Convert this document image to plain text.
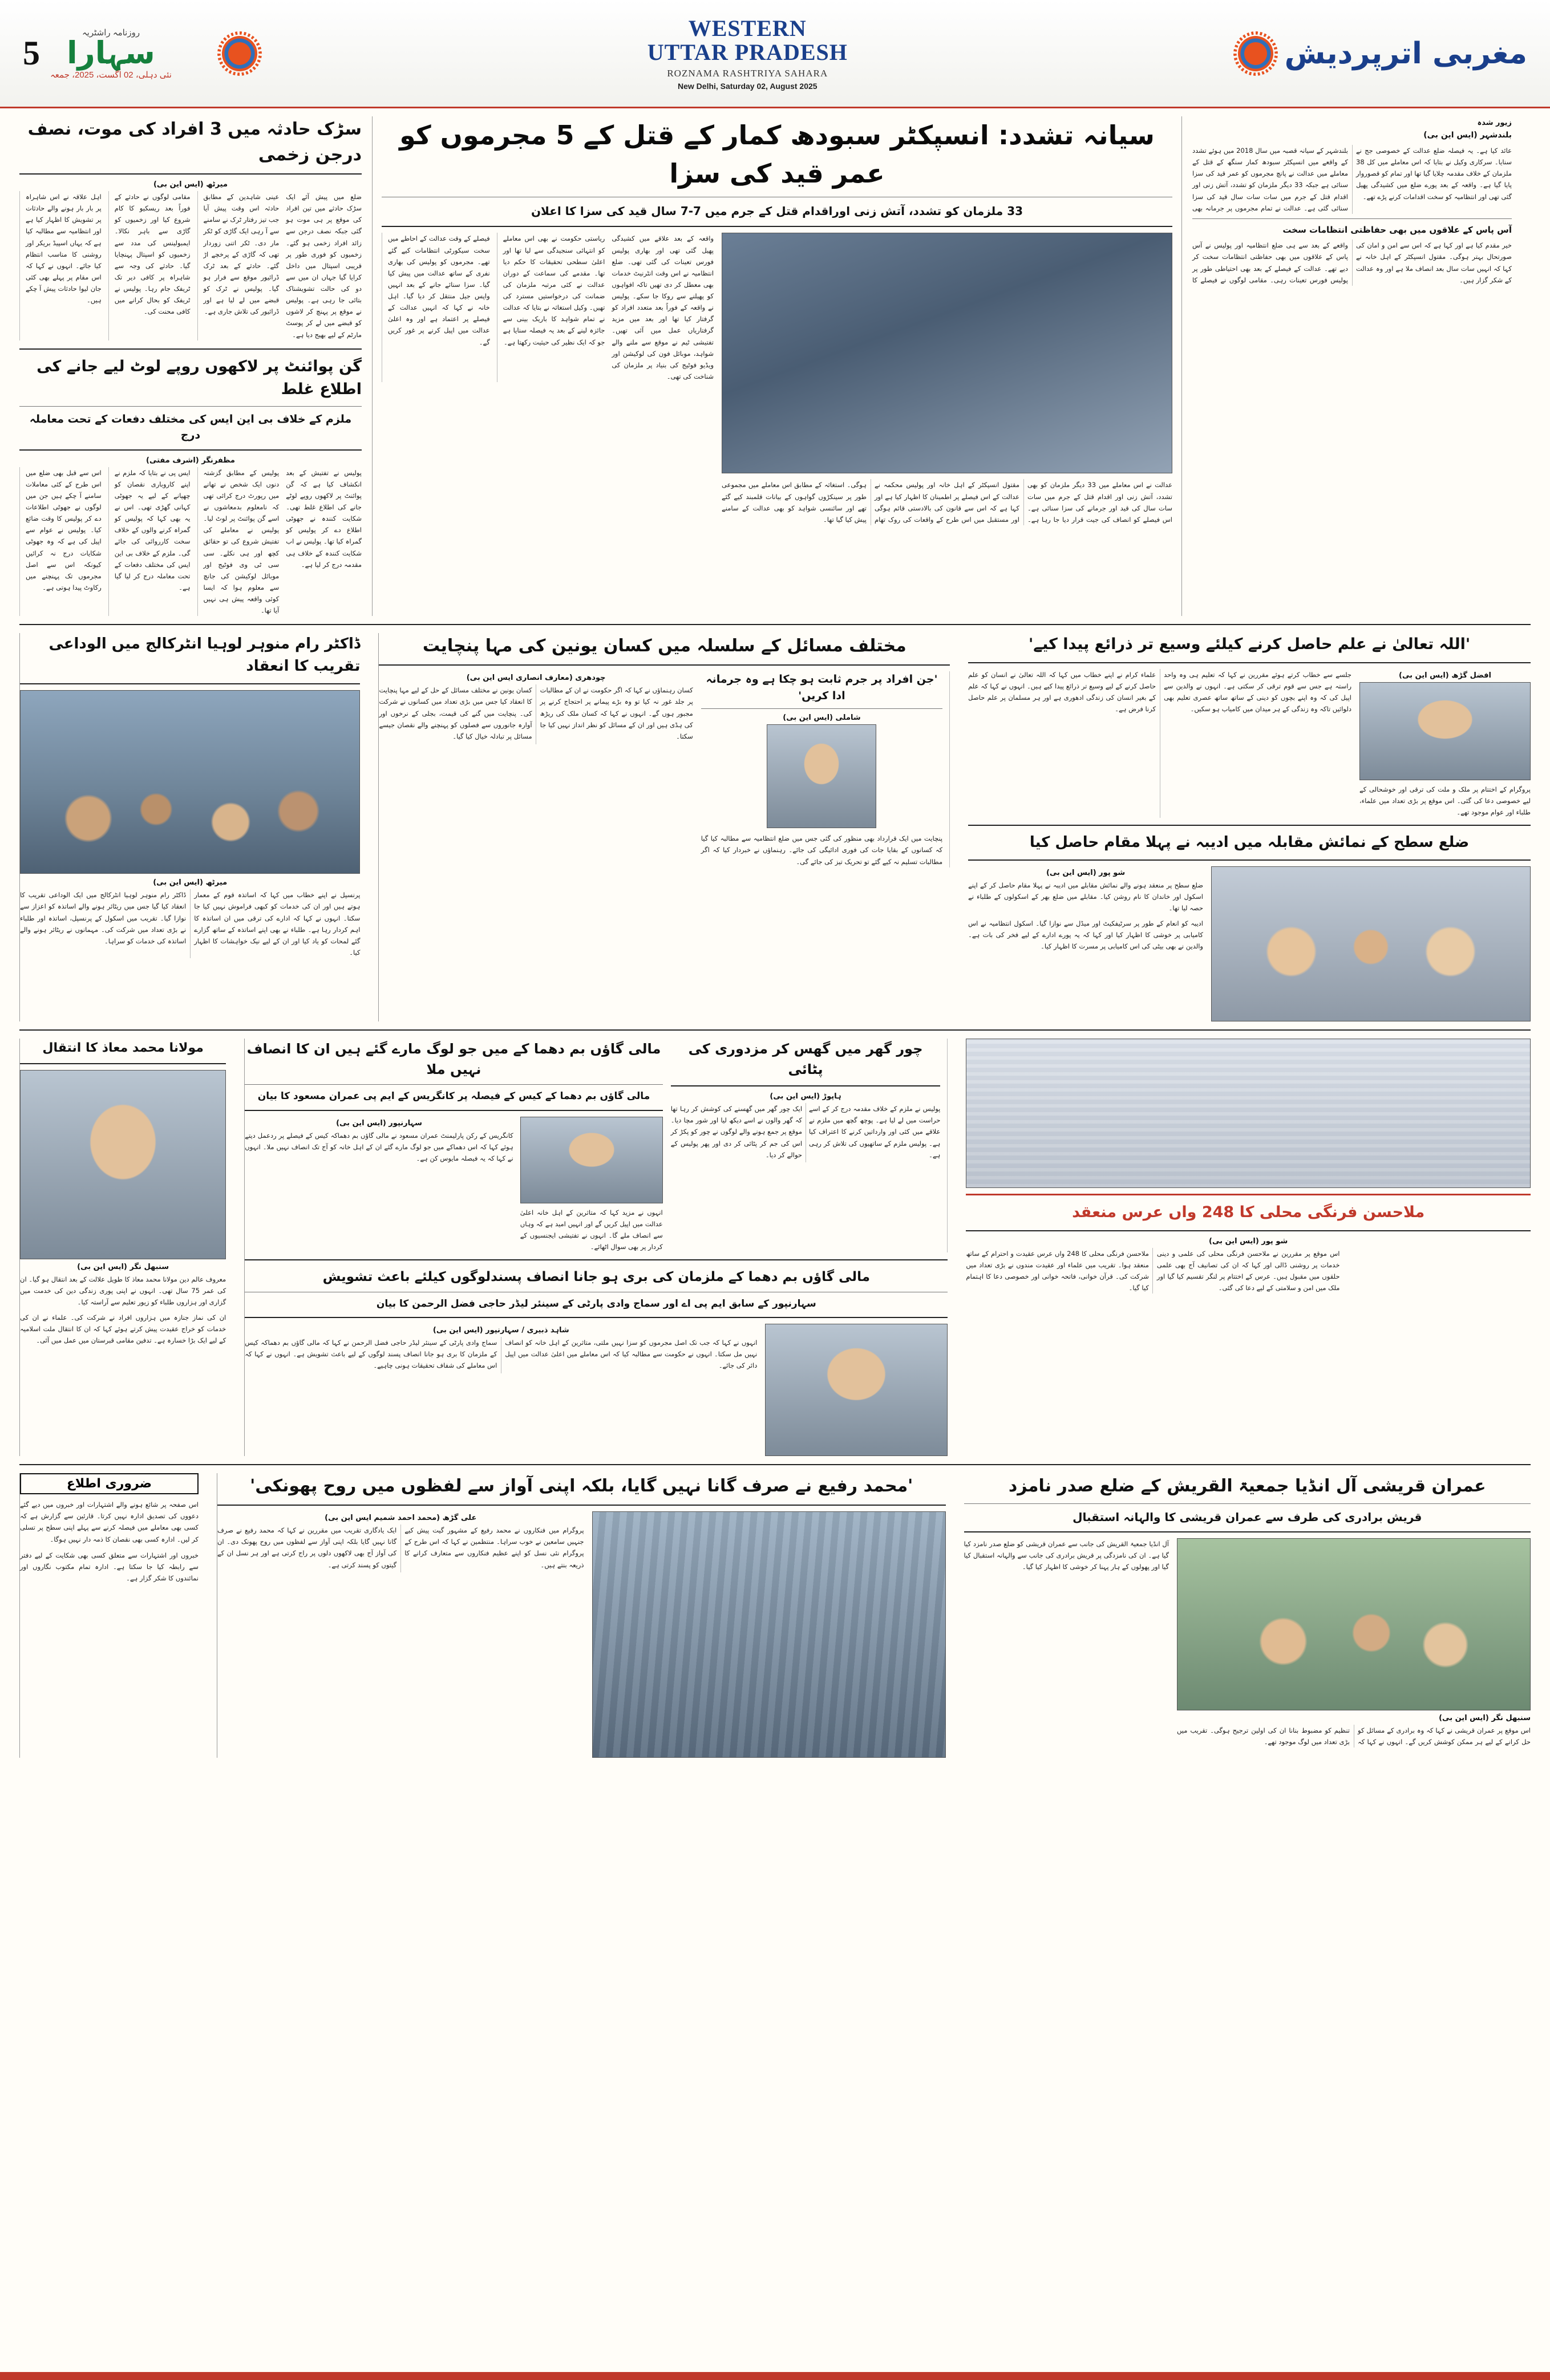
5
روزنامہ راشٹریہ
سہارا
نئی دہلی، 02 اگست، 2025، جمعہ
WESTERN
UTTAR PRADESH
ROZNAMA RASHTRIYA SAHARA
New Delhi, Saturday 02, August 2025
مغربی اترپردیش
سڑک حادثہ میں 3 افراد کی موت، نصف درجن زخمی
میرٹھ (ایس این بی)
اہل علاقہ نے اس شاہراہ پر بار بار ہونے والے حادثات پر تشویش کا اظہار کیا ہے اور انتظامیہ سے مطالبہ کیا ہے کہ یہاں اسپیڈ بریکر اور روشنی کا مناسب انتظام کیا جائے۔ انہوں نے کہا کہ اس مقام پر پہلے بھی کئی جان لیوا حادثات پیش آ چکے ہیں۔
مقامی لوگوں نے حادثے کے فوراً بعد ریسکیو کا کام شروع کیا اور زخمیوں کو گاڑی سے باہر نکالا۔ ایمبولینس کی مدد سے زخمیوں کو اسپتال پہنچایا گیا۔ حادثے کی وجہ سے شاہراہ پر کافی دیر تک ٹریفک جام رہا۔ پولیس نے ٹریفک کو بحال کرانے میں کافی محنت کی۔
عینی شاہدین کے مطابق حادثہ اس وقت پیش آیا جب تیز رفتار ٹرک نے سامنے سے آ رہی ایک گاڑی کو ٹکر مار دی۔ ٹکر اتنی زوردار تھی کہ گاڑی کے پرخچے اڑ گئے۔ حادثے کے بعد ٹرک ڈرائیور موقع سے فرار ہو گیا۔ پولیس نے ٹرک کو قبضے میں لے لیا ہے اور ڈرائیور کی تلاش جاری ہے۔
ضلع میں پیش آئے ایک سڑک حادثے میں تین افراد کی موقع پر ہی موت ہو گئی جبکہ نصف درجن سے زائد افراد زخمی ہو گئے۔ زخمیوں کو فوری طور پر قریبی اسپتال میں داخل کرایا گیا جہاں ان میں سے دو کی حالت تشویشناک بتائی جا رہی ہے۔ پولیس نے موقع پر پہنچ کر لاشوں کو قبضے میں لے کر پوسٹ مارٹم کے لیے بھیج دیا ہے۔
گن پوائنٹ پر لاکھوں روپے لوٹ لیے جانے کی اطلاع غلط
ملزم کے خلاف بی این ایس کی مختلف دفعات کے تحت معاملہ درج
مظفرنگر (اشرف مفتی)
اس سے قبل بھی ضلع میں اس طرح کے کئی معاملات سامنے آ چکے ہیں جن میں لوگوں نے جھوٹی اطلاعات دے کر پولیس کا وقت ضائع کیا۔ پولیس نے عوام سے اپیل کی ہے کہ وہ جھوٹی شکایات درج نہ کرائیں کیونکہ اس سے اصل مجرموں تک پہنچنے میں رکاوٹ پیدا ہوتی ہے۔
ایس پی نے بتایا کہ ملزم نے اپنے کاروباری نقصان کو چھپانے کے لیے یہ جھوٹی کہانی گھڑی تھی۔ اس نے یہ بھی کہا کہ پولیس کو گمراہ کرنے والوں کے خلاف سخت کارروائی کی جائے گی۔ ملزم کے خلاف بی این ایس کی مختلف دفعات کے تحت معاملہ درج کر لیا گیا ہے۔
پولیس کے مطابق گزشتہ دنوں ایک شخص نے تھانے میں رپورٹ درج کرائی تھی کہ نامعلوم بدمعاشوں نے اسے گن پوائنٹ پر لوٹ لیا۔ پولیس نے معاملے کی تفتیش شروع کی تو حقائق کچھ اور ہی نکلے۔ سی سی ٹی وی فوٹیج اور موبائل لوکیشن کی جانچ سے معلوم ہوا کہ ایسا کوئی واقعہ پیش ہی نہیں آیا تھا۔
پولیس نے تفتیش کے بعد انکشاف کیا ہے کہ گن پوائنٹ پر لاکھوں روپے لوٹے جانے کی اطلاع غلط تھی۔ شکایت کنندہ نے جھوٹی اطلاع دے کر پولیس کو گمراہ کیا تھا۔ پولیس نے اب شکایت کنندہ کے خلاف ہی مقدمہ درج کر لیا ہے۔
سیانہ تشدد: انسپکٹر سبودھ کمار کے قتل کے 5 مجرموں کو عمر قید کی سزا
33 ملزمان کو تشدد، آتش زنی اوراقدام قتل کے جرم میں 7-7 سال قید کی سزا کا اعلان
فیصلے کے وقت عدالت کے احاطے میں سخت سیکورٹی انتظامات کیے گئے تھے۔ مجرموں کو پولیس کی بھاری نفری کے ساتھ عدالت میں پیش کیا گیا۔ سزا سنائے جانے کے بعد انہیں واپس جیل منتقل کر دیا گیا۔ اہل خانہ نے کہا کہ انہیں عدالت کے فیصلے پر اعتماد ہے اور وہ اعلیٰ عدالت میں اپیل کرنے پر غور کریں گے۔
ریاستی حکومت نے بھی اس معاملے کو انتہائی سنجیدگی سے لیا تھا اور اعلیٰ سطحی تحقیقات کا حکم دیا تھا۔ مقدمے کی سماعت کے دوران عدالت نے کئی مرتبہ ملزمان کی ضمانت کی درخواستیں مسترد کی تھیں۔ وکیل استغاثہ نے بتایا کہ عدالت نے تمام شواہد کا باریک بینی سے جائزہ لینے کے بعد یہ فیصلہ سنایا ہے جو کہ ایک نظیر کی حیثیت رکھتا ہے۔
واقعہ کے بعد علاقے میں کشیدگی پھیل گئی تھی اور بھاری پولیس فورس تعینات کی گئی تھی۔ ضلع انتظامیہ نے اس وقت انٹرنیٹ خدمات بھی معطل کر دی تھیں تاکہ افواہوں کو پھیلنے سے روکا جا سکے۔ پولیس نے واقعہ کے فوراً بعد متعدد افراد کو گرفتار کیا تھا اور بعد میں مزید گرفتاریاں عمل میں آئی تھیں۔ تفتیشی ٹیم نے موقع سے ملنے والے شواہد، موبائل فون کی لوکیشن اور ویڈیو فوٹیج کی بنیاد پر ملزمان کی شناخت کی تھی۔
عدالت نے اس معاملے میں 33 دیگر ملزمان کو بھی تشدد، آتش زنی اور اقدام قتل کے جرم میں سات سات سال کی قید اور جرمانے کی سزا سنائی ہے۔ اس فیصلے کو انصاف کی جیت قرار دیا جا رہا ہے۔ مقتول انسپکٹر کے اہل خانہ اور پولیس محکمہ نے عدالت کے اس فیصلے پر اطمینان کا اظہار کیا ہے اور کہا ہے کہ اس سے قانون کی بالادستی قائم ہوگی اور مستقبل میں اس طرح کے واقعات کی روک تھام ہوگی۔ استغاثہ کے مطابق اس معاملے میں مجموعی طور پر سینکڑوں گواہوں کے بیانات قلمبند کیے گئے تھے اور سائنسی شواہد کو بھی عدالت کے سامنے پیش کیا گیا تھا۔
زیور شدہ
بلندشہر (ایس این بی)
بلندشہر کے سیانہ قصبہ میں سال 2018 میں ہوئے تشدد کے واقعے میں انسپکٹر سبودھ کمار سنگھ کے قتل کے معاملے میں عدالت نے پانچ مجرموں کو عمر قید کی سزا سنائی ہے جبکہ 33 دیگر ملزمان کو تشدد، آتش زنی اور اقدام قتل کے جرم میں سات سات سال قید کی سزا سنائی گئی ہے۔ عدالت نے تمام مجرموں پر جرمانہ بھی عائد کیا ہے۔ یہ فیصلہ ضلع عدالت کے خصوصی جج نے سنایا۔ سرکاری وکیل نے بتایا کہ اس معاملے میں کل 38 ملزمان کے خلاف مقدمہ چلایا گیا تھا اور تمام کو قصوروار پایا گیا ہے۔ واقعہ کے بعد پورے ضلع میں کشیدگی پھیل گئی تھی اور انتظامیہ کو سخت اقدامات کرنے پڑے تھے۔
آس پاس کے علاقوں میں بھی حفاظتی انتظامات سخت
واقعے کے بعد سے ہی ضلع انتظامیہ اور پولیس نے آس پاس کے علاقوں میں بھی حفاظتی انتظامات سخت کر دیے تھے۔ عدالت کے فیصلے کے بعد بھی احتیاطی طور پر پولیس فورس تعینات رہی۔ مقامی لوگوں نے فیصلے کا خیر مقدم کیا ہے اور کہا ہے کہ اس سے امن و امان کی صورتحال بہتر ہوگی۔ مقتول انسپکٹر کے اہل خانہ نے کہا کہ انہیں سات سال بعد انصاف ملا ہے اور وہ عدالت کے شکر گزار ہیں۔
ڈاکٹر رام منوہر لوہیا انٹرکالج میں الوداعی تقریب کا انعقاد
میرٹھ (ایس این بی)
ڈاکٹر رام منوہر لوہیا انٹرکالج میں ایک الوداعی تقریب کا انعقاد کیا گیا جس میں ریٹائر ہونے والے اساتذہ کو اعزاز سے نوازا گیا۔ تقریب میں اسکول کے پرنسپل، اساتذہ اور طلباء نے بڑی تعداد میں شرکت کی۔ مہمانوں نے ریٹائر ہونے والے اساتذہ کی خدمات کو سراہا۔
پرنسپل نے اپنے خطاب میں کہا کہ اساتذہ قوم کے معمار ہوتے ہیں اور ان کی خدمات کو کبھی فراموش نہیں کیا جا سکتا۔ انہوں نے کہا کہ ادارے کی ترقی میں ان اساتذہ کا اہم کردار رہا ہے۔ طلباء نے بھی اپنے اساتذہ کے ساتھ گزارے گئے لمحات کو یاد کیا اور ان کے لیے نیک خواہشات کا اظہار کیا۔
مختلف مسائل کے سلسلہ میں کسان یونین کی مہا پنچایت
چودھری (معارف انصاری ایس این بی)
کسان یونین نے مختلف مسائل کے حل کے لیے مہا پنچایت کا انعقاد کیا جس میں بڑی تعداد میں کسانوں نے شرکت کی۔ پنچایت میں گنے کی قیمت، بجلی کے نرخوں اور آوارہ جانوروں سے فصلوں کو پہنچنے والے نقصان جیسے مسائل پر تبادلہ خیال کیا گیا۔
کسان رہنماؤں نے کہا کہ اگر حکومت نے ان کے مطالبات پر جلد غور نہ کیا تو وہ بڑے پیمانے پر احتجاج کرنے پر مجبور ہوں گے۔ انہوں نے کہا کہ کسان ملک کی ریڑھ کی ہڈی ہیں اور ان کے مسائل کو نظر انداز نہیں کیا جا سکتا۔
'جن افراد پر جرم ثابت ہو چکا ہے وہ جرمانہ ادا کریں'
شاملی (ایس این بی)
پنچایت میں ایک قرارداد بھی منظور کی گئی جس میں ضلع انتظامیہ سے مطالبہ کیا گیا کہ کسانوں کے بقایا جات کی فوری ادائیگی کی جائے۔ رہنماؤں نے خبردار کیا کہ اگر مطالبات تسلیم نہ کیے گئے تو تحریک تیز کی جائے گی۔
'اللہ تعالیٰ نے علم حاصل کرنے کیلئے وسیع تر ذرائع پیدا کیے'
علماء کرام نے اپنے خطاب میں کہا کہ اللہ تعالیٰ نے انسان کو علم حاصل کرنے کے لیے وسیع تر ذرائع پیدا کیے ہیں۔ انہوں نے کہا کہ علم کے بغیر انسان کی زندگی ادھوری ہے اور ہر مسلمان پر علم حاصل کرنا فرض ہے۔
جلسے سے خطاب کرتے ہوئے مقررین نے کہا کہ تعلیم ہی وہ واحد راستہ ہے جس سے قوم ترقی کر سکتی ہے۔ انہوں نے والدین سے اپیل کی کہ وہ اپنے بچوں کو دینی کے ساتھ ساتھ عصری تعلیم بھی دلوائیں تاکہ وہ زندگی کے ہر میدان میں کامیاب ہو سکیں۔
افضل گڑھ (ایس این بی)
پروگرام کے اختتام پر ملک و ملت کی ترقی اور خوشحالی کے لیے خصوصی دعا کی گئی۔ اس موقع پر بڑی تعداد میں علماء، طلباء اور عوام موجود تھے۔
ضلع سطح کے نمائش مقابلہ میں ادیبہ نے پہلا مقام حاصل کیا
شو پور (ایس این بی)
ضلع سطح پر منعقد ہونے والے نمائش مقابلے میں ادیبہ نے پہلا مقام حاصل کر کے اپنے اسکول اور خاندان کا نام روشن کیا۔ مقابلے میں ضلع بھر کے اسکولوں کے طلباء نے حصہ لیا تھا۔
ادیبہ کو انعام کے طور پر سرٹیفکیٹ اور میڈل سے نوازا گیا۔ اسکول انتظامیہ نے اس کامیابی پر خوشی کا اظہار کیا اور کہا کہ یہ پورے ادارے کے لیے فخر کی بات ہے۔ والدین نے بھی بیٹی کی اس کامیابی پر مسرت کا اظہار کیا۔
مولانا محمد معاذ کا انتقال
سنبھل نگر (ایس این بی)
معروف عالم دین مولانا محمد معاذ کا طویل علالت کے بعد انتقال ہو گیا۔ ان کی عمر 75 سال تھی۔ انہوں نے اپنی پوری زندگی دین کی خدمت میں گزاری اور ہزاروں طلباء کو زیور تعلیم سے آراستہ کیا۔
ان کی نماز جنازہ میں ہزاروں افراد نے شرکت کی۔ علماء نے ان کی خدمات کو خراج عقیدت پیش کرتے ہوئے کہا کہ ان کا انتقال ملت اسلامیہ کے لیے ایک بڑا خسارہ ہے۔ تدفین مقامی قبرستان میں عمل میں آئی۔
مالی گاؤں بم دھما کے میں جو لوگ مارے گئے ہیں ان کا انصاف نہیں ملا
مالی گاؤں بم دھما کے کیس کے فیصلہ پر کانگریس کے ایم پی عمران مسعود کا بیان
سہارنپور (ایس این بی)
کانگریس کے رکن پارلیمنٹ عمران مسعود نے مالی گاؤں بم دھماکہ کیس کے فیصلے پر ردعمل دیتے ہوئے کہا کہ اس دھماکے میں جو لوگ مارے گئے ان کے اہل خانہ کو آج تک انصاف نہیں ملا۔ انہوں نے کہا کہ یہ فیصلہ مایوس کن ہے۔
انہوں نے مزید کہا کہ متاثرین کے اہل خانہ اعلیٰ عدالت میں اپیل کریں گے اور انہیں امید ہے کہ وہاں سے انصاف ملے گا۔ انہوں نے تفتیشی ایجنسیوں کے کردار پر بھی سوال اٹھائے۔
چور گھر میں گھس کر مزدوری کی پٹائی
ہاپوڑ (ایس این بی)
ایک چور گھر میں گھسنے کی کوشش کر رہا تھا کہ گھر والوں نے اسے دیکھ لیا اور شور مچا دیا۔ موقع پر جمع ہونے والے لوگوں نے چور کو پکڑ کر اس کی جم کر پٹائی کر دی اور پھر پولیس کے حوالے کر دیا۔
پولیس نے ملزم کے خلاف مقدمہ درج کر کے اسے حراست میں لے لیا ہے۔ پوچھ گچھ میں ملزم نے علاقے میں کئی اور وارداتیں کرنے کا اعتراف کیا ہے۔ پولیس ملزم کے ساتھیوں کی تلاش کر رہی ہے۔
مالی گاؤں بم دھما کے ملزمان کی بری ہو جانا انصاف پسندلوگوں کیلئے باعث تشویش
سہارنپور کے سابق ایم پی اے اور سماج وادی پارٹی کے سینئر لیڈر حاجی فضل الرحمن کا بیان
شاہد ذبیری / سہارنپور (ایس این بی)
سماج وادی پارٹی کے سینئر لیڈر حاجی فضل الرحمن نے کہا کہ مالی گاؤں بم دھماکہ کیس کے ملزمان کا بری ہو جانا انصاف پسند لوگوں کے لیے باعث تشویش ہے۔ انہوں نے کہا کہ اس معاملے کی شفاف تحقیقات ہونی چاہیے۔
انہوں نے کہا کہ جب تک اصل مجرموں کو سزا نہیں ملتی، متاثرین کے اہل خانہ کو انصاف نہیں مل سکتا۔ انہوں نے حکومت سے مطالبہ کیا کہ اس معاملے میں اعلیٰ عدالت میں اپیل دائر کی جائے۔
ملاحسن فرنگی محلی کا 248 واں عرس منعقد
شو پور (ایس این بی)
ملاحسن فرنگی محلی کا 248 واں عرس عقیدت و احترام کے ساتھ منعقد ہوا۔ تقریب میں علماء اور عقیدت مندوں نے بڑی تعداد میں شرکت کی۔ قرآن خوانی، فاتحہ خوانی اور خصوصی دعا کا اہتمام کیا گیا۔
اس موقع پر مقررین نے ملاحسن فرنگی محلی کی علمی و دینی خدمات پر روشنی ڈالی اور کہا کہ ان کی تصانیف آج بھی علمی حلقوں میں مقبول ہیں۔ عرس کے اختتام پر لنگر تقسیم کیا گیا اور ملک میں امن و سلامتی کے لیے دعا کی گئی۔
ضروری اطلاع
اس صفحہ پر شائع ہونے والے اشتہارات اور خبروں میں دیے گئے دعووں کی تصدیق ادارہ نہیں کرتا۔ قارئین سے گزارش ہے کہ کسی بھی معاملے میں فیصلہ کرنے سے پہلے اپنی سطح پر تسلی کر لیں۔ ادارہ کسی بھی نقصان کا ذمہ دار نہیں ہوگا۔
خبروں اور اشتہارات سے متعلق کسی بھی شکایت کے لیے دفتر سے رابطہ کیا جا سکتا ہے۔ ادارہ تمام مکتوب نگاروں اور نمائندوں کا شکر گزار ہے۔
'محمد رفیع نے صرف گانا نہیں گایا، بلکہ اپنی آواز سے لفظوں میں روح پھونکی'
علی گڑھ (محمد احمد شمیم ایس این بی)
ایک یادگاری تقریب میں مقررین نے کہا کہ محمد رفیع نے صرف گانا نہیں گایا بلکہ اپنی آواز سے لفظوں میں روح پھونک دی۔ ان کی آواز آج بھی لاکھوں دلوں پر راج کرتی ہے اور ہر نسل ان کے گیتوں کو پسند کرتی ہے۔
پروگرام میں فنکاروں نے محمد رفیع کے مشہور گیت پیش کیے جنہیں سامعین نے خوب سراہا۔ منتظمین نے کہا کہ اس طرح کے پروگرام نئی نسل کو اپنے عظیم فنکاروں سے متعارف کرانے کا ذریعہ بنتے ہیں۔
عمران قریشی آل انڈیا جمعیۃ القریش کے ضلع صدر نامزد
قریش برادری کی طرف سے عمران قریشی کا والہانہ استقبال
آل انڈیا جمعیۃ القریش کی جانب سے عمران قریشی کو ضلع صدر نامزد کیا گیا ہے۔ ان کی نامزدگی پر قریش برادری کی جانب سے والہانہ استقبال کیا گیا اور پھولوں کے ہار پہنا کر خوشی کا اظہار کیا گیا۔
سنبھل نگر (ایس این بی)
اس موقع پر عمران قریشی نے کہا کہ وہ برادری کے مسائل کو حل کرانے کے لیے ہر ممکن کوشش کریں گے۔ انہوں نے کہا کہ تنظیم کو مضبوط بنانا ان کی اولین ترجیح ہوگی۔ تقریب میں بڑی تعداد میں لوگ موجود تھے۔
